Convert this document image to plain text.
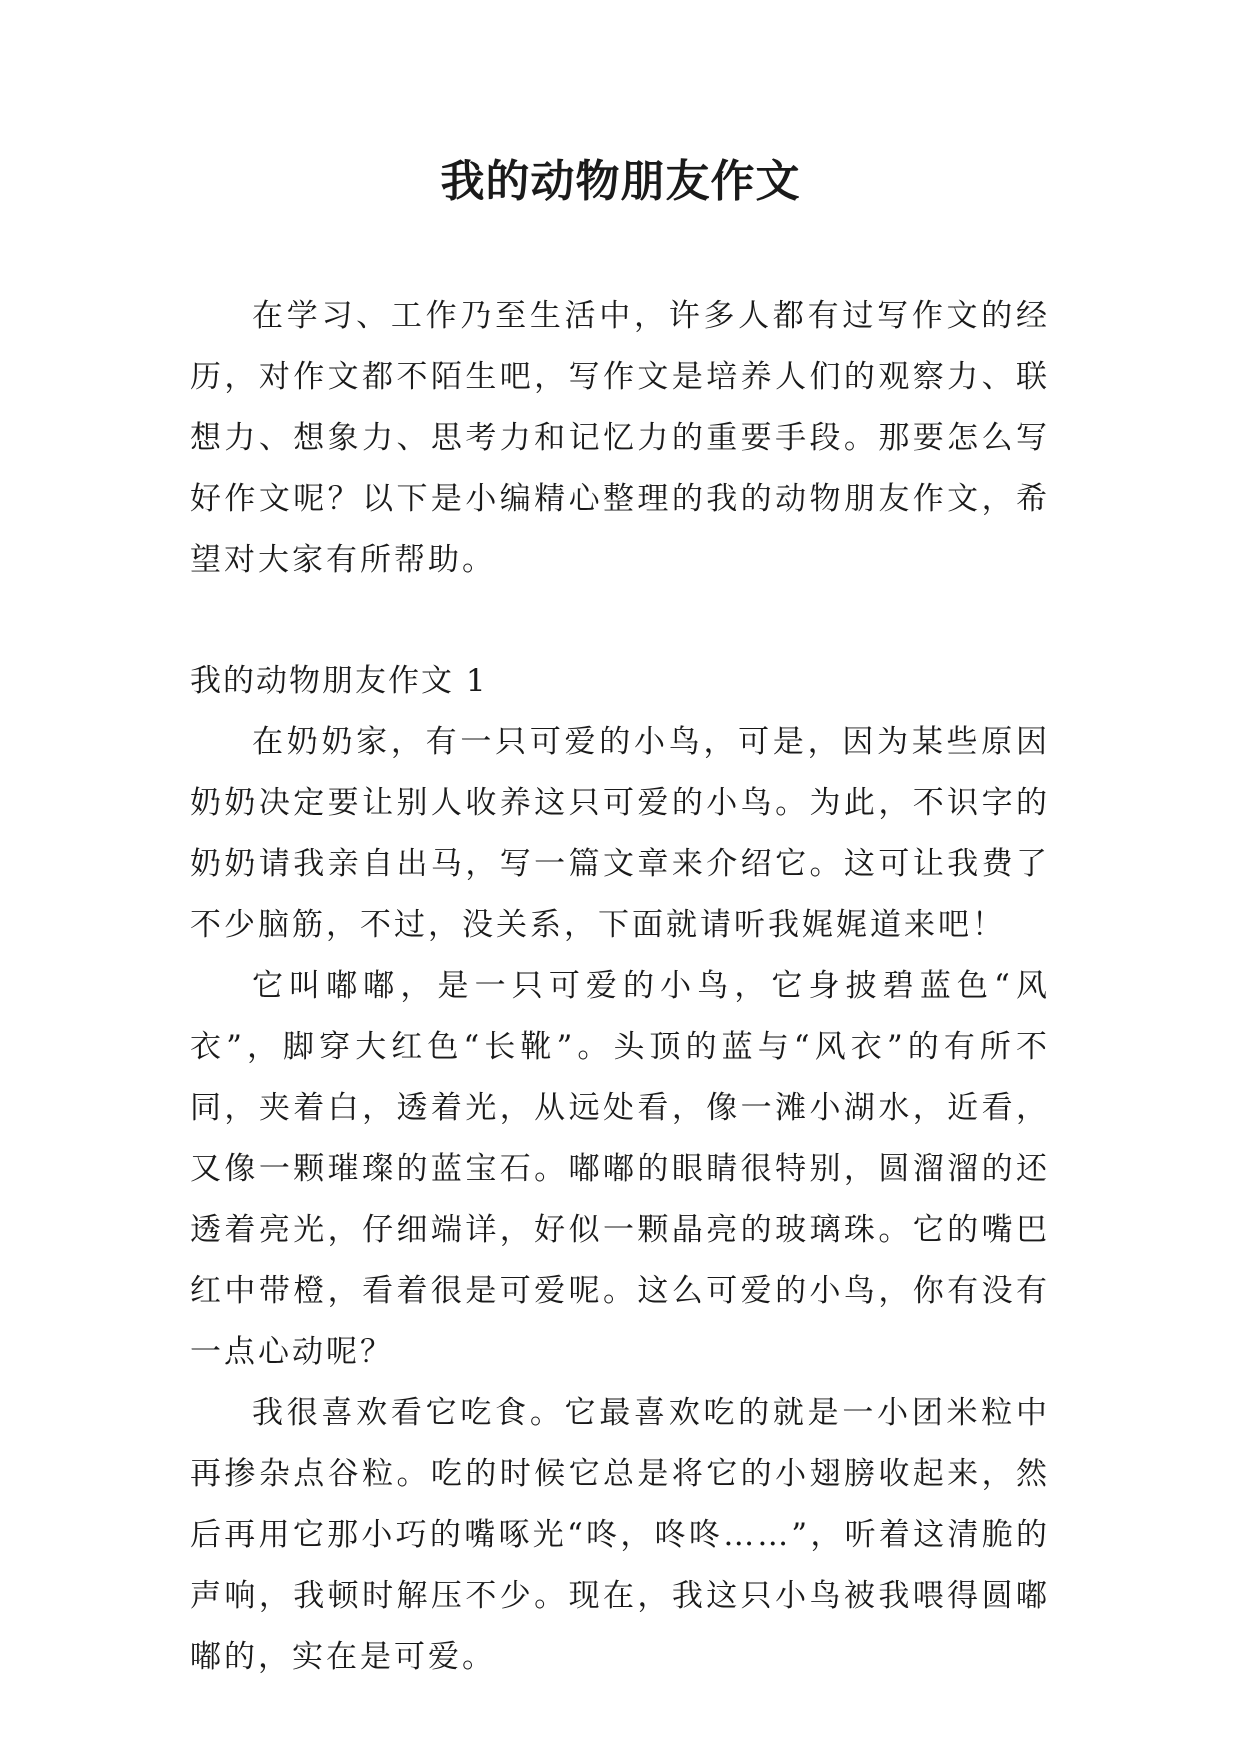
我的动物朋友作文

在学习、工作乃至生活中，许多人都有过写作文的经历，对作文都不陌生吧，写作文是培养人们的观察力、联想力、想象力、思考力和记忆力的重要手段。那要怎么写好作文呢？以下是小编精心整理的我的动物朋友作文，希望对大家有所帮助。

我的动物朋友作文 1

在奶奶家，有一只可爱的小鸟，可是，因为某些原因奶奶决定要让别人收养这只可爱的小鸟。为此，不识字的奶奶请我亲自出马，写一篇文章来介绍它。这可让我费了不少脑筋，不过，没关系，下面就请听我娓娓道来吧！

它叫嘟嘟，是一只可爱的小鸟，它身披碧蓝色“风衣”，脚穿大红色“长靴”。头顶的蓝与“风衣”的有所不同，夹着白，透着光，从远处看，像一滩小湖水，近看，又像一颗璀璨的蓝宝石。嘟嘟的眼睛很特别，圆溜溜的还透着亮光，仔细端详，好似一颗晶亮的玻璃珠。它的嘴巴红中带橙，看着很是可爱呢。这么可爱的小鸟，你有没有一点心动呢？

我很喜欢看它吃食。它最喜欢吃的就是一小团米粒中再掺杂点谷粒。吃的时候它总是将它的小翅膀收起来，然后再用它那小巧的嘴啄光“咚，咚咚……”，听着这清脆的声响，我顿时解压不少。现在，我这只小鸟被我喂得圆嘟嘟的，实在是可爱。
